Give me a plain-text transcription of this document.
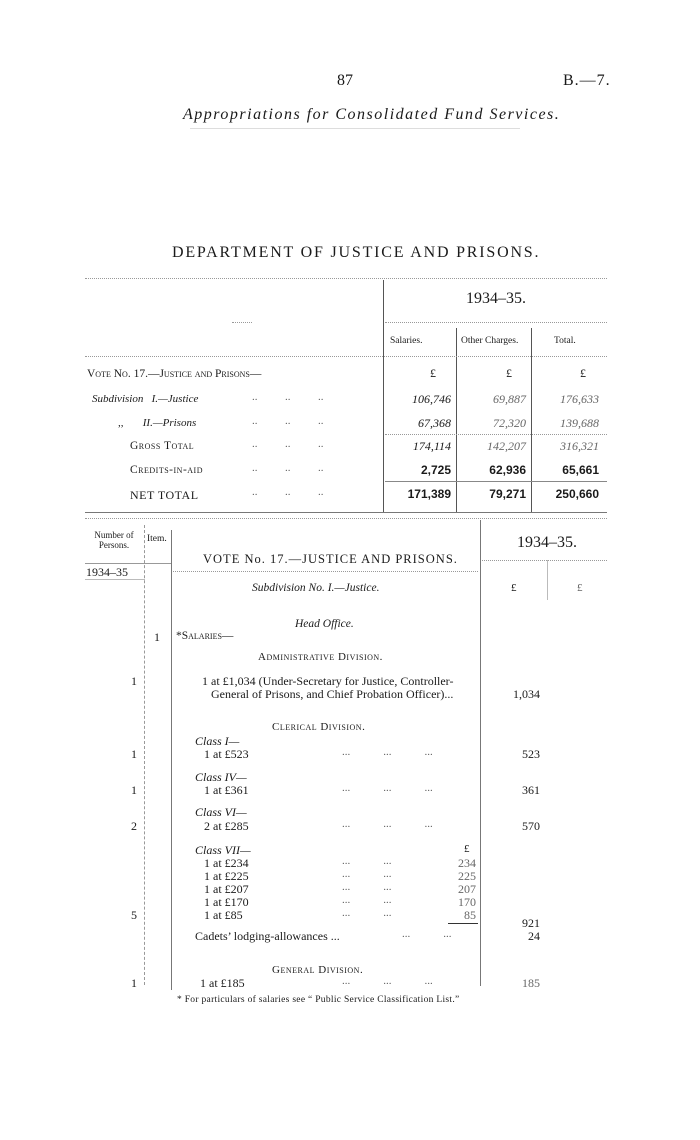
87	B.—7.
Appropriations for Consolidated Fund Services.
DEPARTMENT OF JUSTICE AND PRISONS.
1934–35.
Salaries.	Other Charges.	Total.
Vote No. 17.—Justice and Prisons—	£	£	£
Subdivision I.—Justice	..          ..          ..	106,746	69,887	176,633
,, II.—Prisons	..          ..          ..	67,368	72,320	139,688
Gross Total	..          ..          ..	174,114	142,207	316,321
Credits-in-aid	..          ..          ..	2,725	62,936	65,661
NET TOTAL	..          ..          ..	171,389	79,271	250,660
Number of Persons.
Item.	1934–35.
1934–35
VOTE No. 17.—JUSTICE AND PRISONS.
Subdivision No. I.—Justice.	£	£
Head Office.
1 *Salaries—
Administrative Division.
1	1 at £1,034 (Under-Secretary for Justice, Controller-
General of Prisons, and Chief Probation Officer)...	1,034
Clerical Division.
Class I—
1	1 at £523	...            ...            ...	523
Class IV—
1	1 at £361	...            ...            ...	361
Class VI—
2	2 at £285	...            ...            ...	570
Class VII—	£
1 at £234	...            ...	234
1 at £225	...            ...	225
1 at £207	...            ...	207
1 at £170	...            ...	170
5	1 at £85	...            ...	85
921
Cadets’ lodging-allowances ...	...            ...	24
General Division.
1	1 at £185	...            ...            ...	185
* For particulars of salaries see “ Public Service Classification List.”
